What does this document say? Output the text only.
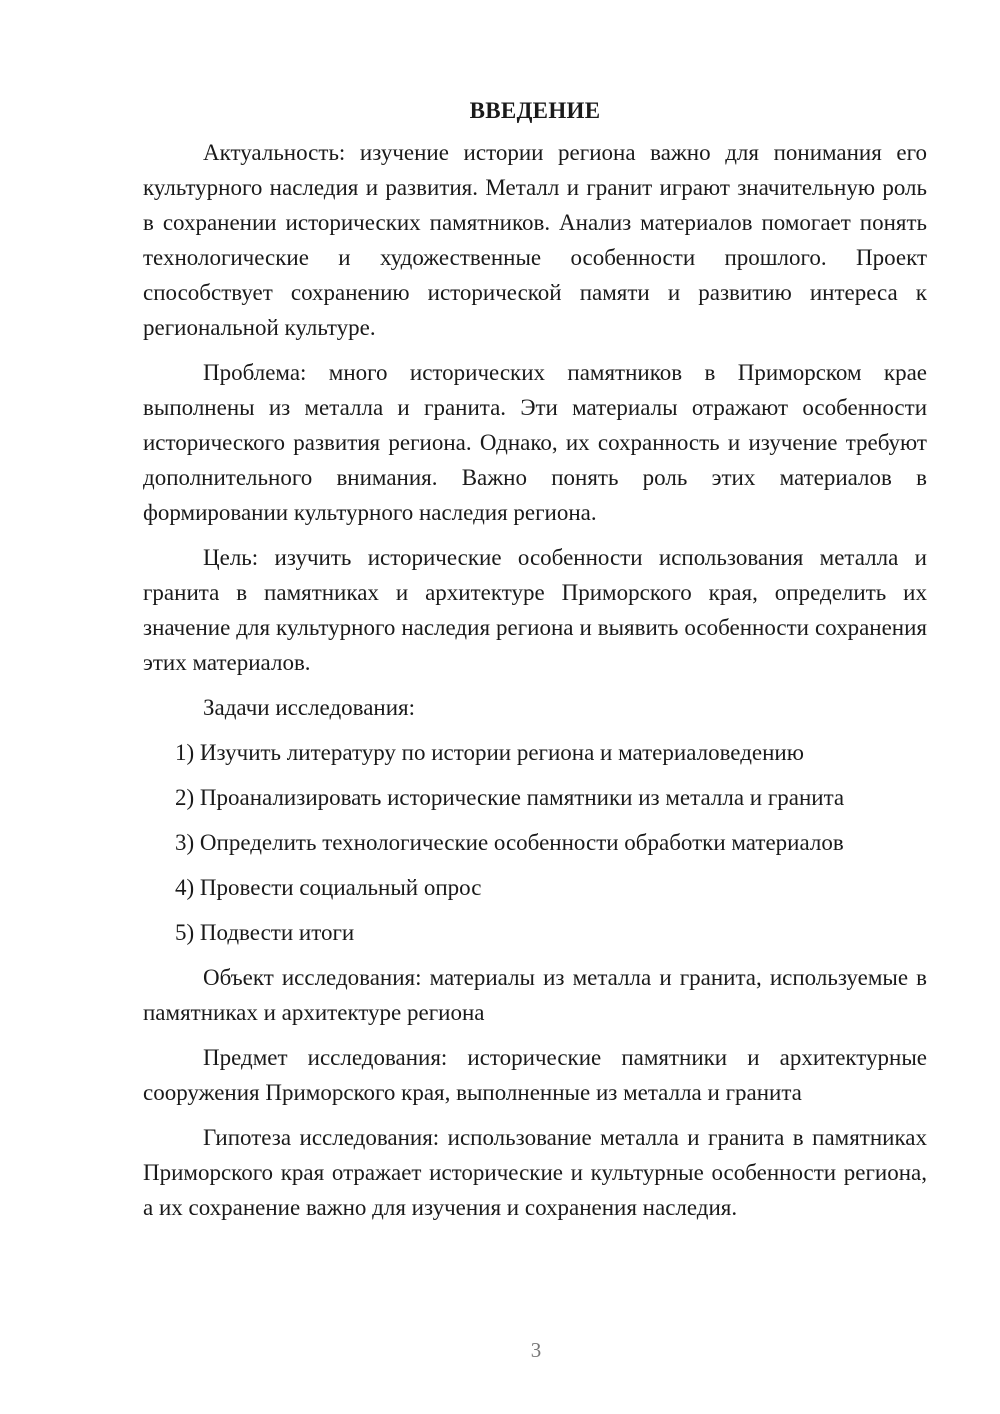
ВВЕДЕНИЕ

Актуальность: изучение истории региона важно для понимания его культурного наследия и развития. Металл и гранит играют значительную роль в сохранении исторических памятников. Анализ материалов помогает понять технологические и художественные особенности прошлого. Проект способствует сохранению исторической памяти и развитию интереса к региональной культуре.

Проблема: много исторических памятников в Приморском крае выполнены из металла и гранита. Эти материалы отражают особенности исторического развития региона. Однако, их сохранность и изучение требуют дополнительного внимания. Важно понять роль этих материалов в формировании культурного наследия региона.

Цель: изучить исторические особенности использования металла и гранита в памятниках и архитектуре Приморского края, определить их значение для культурного наследия региона и выявить особенности сохранения этих материалов.

Задачи исследования:

1) Изучить литературу по истории региона и материаловедению
2) Проанализировать исторические памятники из металла и гранита
3) Определить технологические особенности обработки материалов
4) Провести социальный опрос
5) Подвести итоги

Объект исследования: материалы из металла и гранита, используемые в памятниках и архитектуре региона

Предмет исследования: исторические памятники и архитектурные сооружения Приморского края, выполненные из металла и гранита

Гипотеза исследования: использование металла и гранита в памятниках Приморского края отражает исторические и культурные особенности региона, а их сохранение важно для изучения и сохранения наследия.

3
